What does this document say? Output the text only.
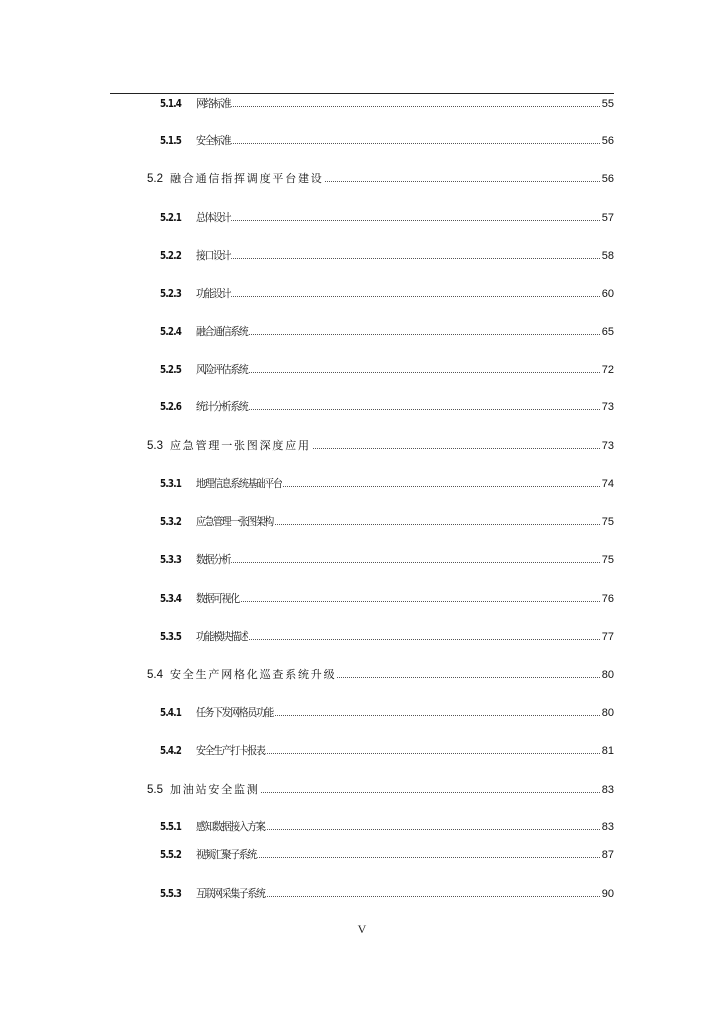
5.1.4 网络标准	55
5.1.5 安全标准	56
5.2 融合通信指挥调度平台建设	56
5.2.1 总体设计	57
5.2.2 接口设计	58
5.2.3 功能设计	60
5.2.4 融合通信系统	65
5.2.5 风险评估系统	72
5.2.6 统计分析系统	73
5.3 应急管理一张图深度应用	73
5.3.1 地理信息系统基础平台	74
5.3.2 应急管理一张图架构	75
5.3.3 数据分析	75
5.3.4 数据可视化	76
5.3.5 功能模块描述	77
5.4 安全生产网格化巡查系统升级	80
5.4.1 任务下发网格员功能	80
5.4.2 安全生产打卡报表	81
5.5 加油站安全监测	83
5.5.1 感知数据接入方案	83
5.5.2 视频汇聚子系统	87
5.5.3 互联网采集子系统	90
V
